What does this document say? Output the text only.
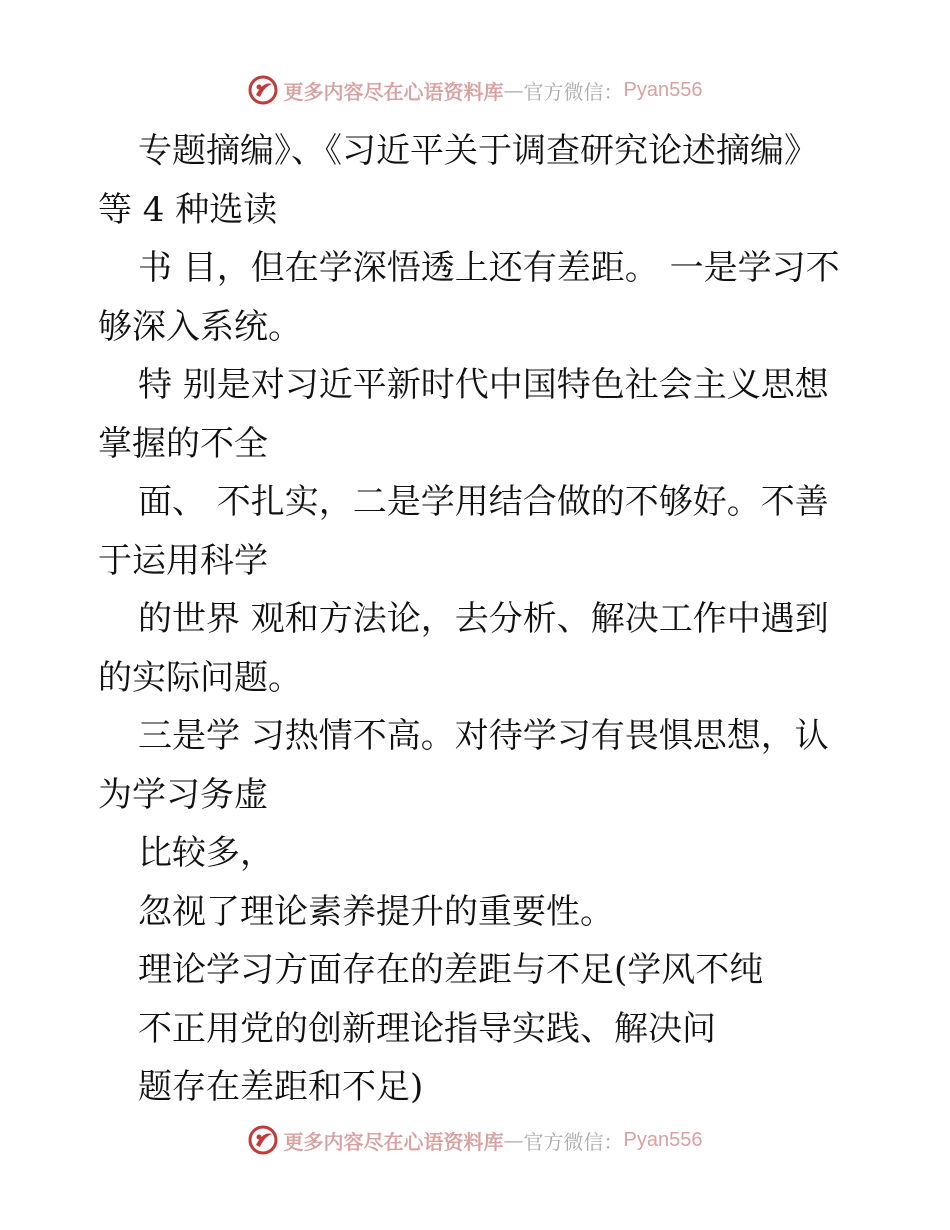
更多内容尽在心语资料库 — 官方微信： Pyan556
专题摘编》、《习近平关于调查研究论述摘编》
等 4 种选读
书 目，但在学深悟透上还有差距。 一是学习不
够深入系统。
特 别是对习近平新时代中国特色社会主义思想
掌握的不全
面、 不扎实，二是学用结合做的不够好。不善
于运用科学
的世界 观和方法论，去分析、解决工作中遇到
的实际问题。
三是学 习热情不高。对待学习有畏惧思想，认
为学习务虚
比较多，
忽视了理论素养提升的重要性。
理论学习方面存在的差距与不足(学风不纯
不正用党的创新理论指导实践、解决问
题存在差距和不足)
更多内容尽在心语资料库 — 官方微信： Pyan556
